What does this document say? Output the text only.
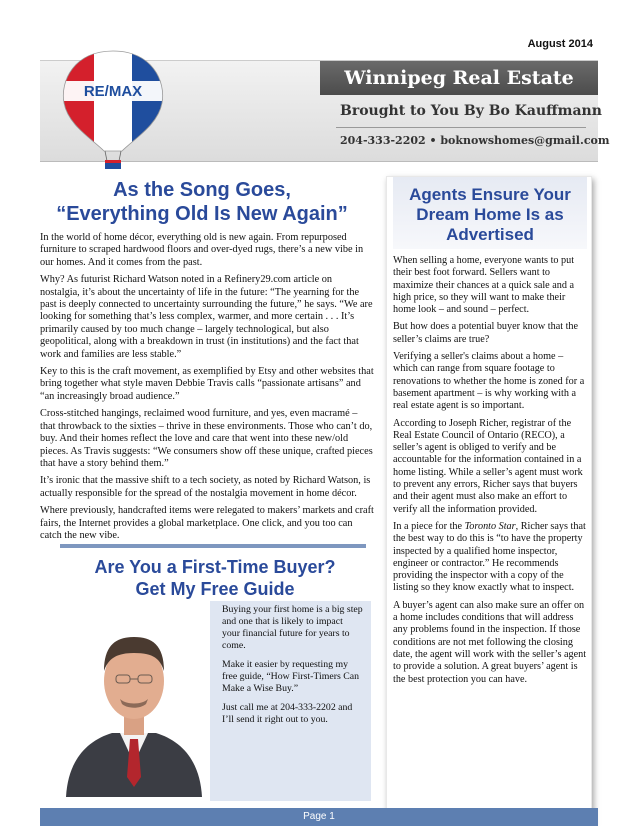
August 2014
Winnipeg Real Estate
Brought to You By Bo Kauffmann
204-333-2202 • boknowshomes@gmail.com
RE/MAX
As the Song Goes,
“Everything Old Is New Again”

In the world of home décor, everything old is new again. From repurposed furniture to scraped hardwood floors and over-dyed rugs, there’s a new vibe in our homes. And it comes from the past.

Why? As futurist Richard Watson noted in a Refinery29.com article on nostalgia, it’s about the uncertainty of life in the future: “The yearning for the past is deeply connected to uncertainty surrounding the future,” he says. “We are looking for something that’s less complex, warmer, and more certain . . . It’s primarily caused by too much change – largely technological, but also geopolitical, along with a breakdown in trust (in institutions) and the fact that work and families are less stable.”

Key to this is the craft movement, as exemplified by Etsy and other websites that bring together what style maven Debbie Travis calls “passionate artisans” and “an increasingly broad audience.”

Cross-stitched hangings, reclaimed wood furniture, and yes, even macramé – that throwback to the sixties – thrive in these environments. Those who can’t do, buy. And their homes reflect the love and care that went into these new/old pieces. As Travis suggests: “We consumers show off these unique, crafted pieces that have a story behind them.”

It’s ironic that the massive shift to a tech society, as noted by Richard Watson, is actually responsible for the spread of the nostalgia movement in home décor.

Where previously, handcrafted items were relegated to makers’ markets and craft fairs, the Internet provides a global marketplace. One click, and you too can catch the new vibe.

Are You a First-Time Buyer?
Get My Free Guide

Buying your first home is a big step and one that is likely to impact your financial future for years to come.

Make it easier by requesting my free guide, “How First-Timers Can Make a Wise Buy.”

Just call me at 204-333-2202 and I’ll send it right out to you.

Agents Ensure Your
Dream Home Is as
Advertised

When selling a home, everyone wants to put their best foot forward. Sellers want to maximize their chances at a quick sale and a high price, so they will want to make their home look – and sound – perfect.

But how does a potential buyer know that the seller’s claims are true?

Verifying a seller's claims about a home – which can range from square footage to renovations to whether the home is zoned for a basement apartment – is why working with a real estate agent is so important.

According to Joseph Richer, registrar of the Real Estate Council of Ontario (RECO), a seller’s agent is obliged to verify and be accountable for the information contained in a home listing. While a seller’s agent must work to prevent any errors, Richer says that buyers and their agent must also make an effort to verify all the information provided.

In a piece for the Toronto Star, Richer says that the best way to do this is “to have the property inspected by a qualified home inspector, engineer or contractor.” He recommends providing the inspector with a copy of the listing so they know exactly what to inspect.

A buyer’s agent can also make sure an offer on a home includes conditions that will address any problems found in the inspection. If those conditions are not met following the closing date, the agent will work with the seller’s agent to provide a solution. A great buyers’ agent is the best protection you can have.

Page 1
